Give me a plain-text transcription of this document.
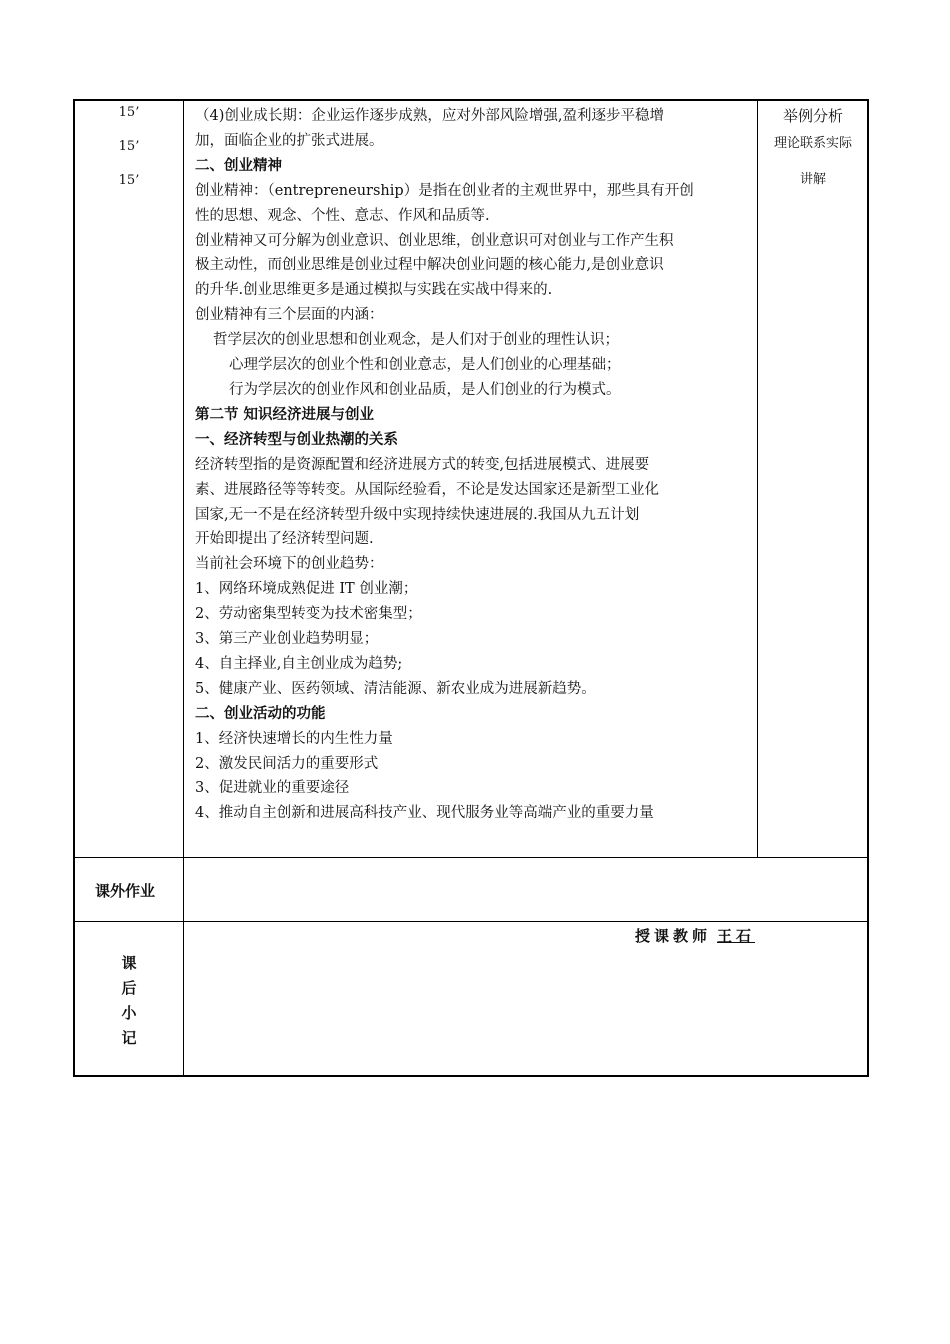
15’
15’
15’
（4)创业成长期：企业运作逐步成熟，应对外部风险增强,盈利逐步平稳增
加，面临企业的扩张式进展。
二、创业精神
创业精神：（entrepreneurship）是指在创业者的主观世界中，那些具有开创
性的思想、观念、个性、意志、作风和品质等.
创业精神又可分解为创业意识、创业思维，创业意识可对创业与工作产生积
极主动性，而创业思维是创业过程中解决创业问题的核心能力,是创业意识
的升华.创业思维更多是通过模拟与实践在实战中得来的.
创业精神有三个层面的内涵：
哲学层次的创业思想和创业观念，是人们对于创业的理性认识；
心理学层次的创业个性和创业意志，是人们创业的心理基础；
行为学层次的创业作风和创业品质，是人们创业的行为模式。
第二节 知识经济进展与创业
一、经济转型与创业热潮的关系
经济转型指的是资源配置和经济进展方式的转变,包括进展模式、进展要
素、进展路径等等转变。从国际经验看，不论是发达国家还是新型工业化
国家,无一不是在经济转型升级中实现持续快速进展的.我国从九五计划
开始即提出了经济转型问题.
当前社会环境下的创业趋势：
1、网络环境成熟促进 IT 创业潮；
2、劳动密集型转变为技术密集型；
3、第三产业创业趋势明显；
4、自主择业,自主创业成为趋势;
5、健康产业、医药领域、清洁能源、新农业成为进展新趋势。
二、创业活动的功能
1、经济快速增长的内生性力量
2、激发民间活力的重要形式
3、促进就业的重要途径
4、推动自主创新和进展高科技产业、现代服务业等高端产业的重要力量
举例分析
理论联系实际
讲解
课外作业
授课教师 王石
课
后
小
记
